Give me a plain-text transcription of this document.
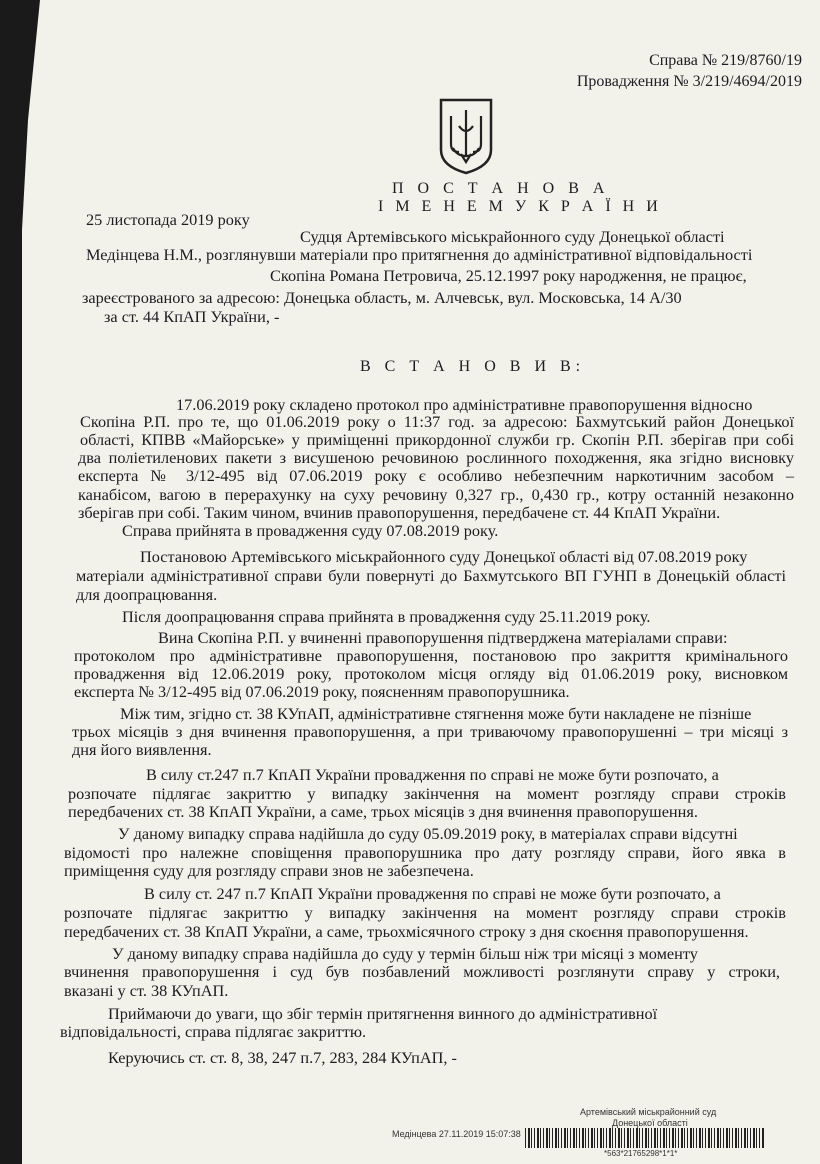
Справа № 219/8760/19
Провадження № 3/219/4694/2019
П О С Т А Н О В А
І М Е Н Е М У К Р А Ї Н И
25 листопада 2019 року
Судця Артемівського міськрайонного суду Донецької області
Медінцева Н.М., розглянувши матеріали про притягнення до адміністративної відповідальності
Скопіна Романа Петровича, 25.12.1997 року народження, не працює,
зареєстрованого за адресою: Донецька область, м. Алчевськ, вул. Московська, 14 А/30
за ст. 44 КпАП України, -
В С Т А Н О В И В:
17.06.2019 року складено протокол про адміністративне правопорушення відносно
Скопіна Р.П. про те, що 01.06.2019 року о 11:37 год. за адресою: Бахмутський район Донецької
області, КПВВ «Майорське» у приміщенні прикордонної служби гр. Скопін Р.П. зберігав при собі
два поліетиленових пакети з висушеною речовиною рослинного походження, яка згідно висновку
експерта № 3/12-495 від 07.06.2019 року є особливо небезпечним наркотичним засобом –
канабісом, вагою в перерахунку на суху речовину 0,327 гр., 0,430 гр., котру останній незаконно
зберігав при собі. Таким чином, вчинив правопорушення, передбачене ст. 44 КпАП України.
Справа прийнята в провадження суду 07.08.2019 року.
Постановою Артемівського міськрайонного суду Донецької області від 07.08.2019 року
матеріали адміністративної справи були повернуті до Бахмутського ВП ГУНП в Донецькій області
для доопрацювання.
Після доопрацювання справа прийнята в провадження суду 25.11.2019 року.
Вина Скопіна Р.П. у вчиненні правопорушення підтверджена матеріалами справи:
протоколом про адміністративне правопорушення, постановою про закриття кримінального
провадження від 12.06.2019 року, протоколом місця огляду від 01.06.2019 року, висновком
експерта № 3/12-495 від 07.06.2019 року, поясненням правопорушника.
Між тим, згідно ст. 38 КУпАП, адміністративне стягнення може бути накладене не пізніше
трьох місяців з дня вчинення правопорушення, а при триваючому правопорушенні – три місяці з
дня його виявлення.
В силу ст.247 п.7 КпАП України провадження по справі не може бути розпочато, а
розпочате підлягає закриттю у випадку закінчення на момент розгляду справи строків
передбачених ст. 38 КпАП України, а саме, трьох місяців з дня вчинення правопорушення.
У даному випадку справа надійшла до суду 05.09.2019 року, в матеріалах справи відсутні
відомості про належне сповіщення правопорушника про дату розгляду справи, його явка в
приміщення суду для розгляду справи знов не забезпечена.
В силу ст. 247 п.7 КпАП України провадження по справі не може бути розпочато, а
розпочате підлягає закриттю у випадку закінчення на момент розгляду справи строків
передбачених ст. 38 КпАП України, а саме, трьохмісячного строку з дня скоєння правопорушення.
У даному випадку справа надійшла до суду у термін більш ніж три місяці з моменту
вчинення правопорушення і суд був позбавлений можливості розглянути справу у строки,
вказані у ст. 38 КУпАП.
Приймаючи до уваги, що збіг термін притягнення винного до адміністративної
відповідальності, справа підлягає закриттю.
Керуючись ст. ст. 8, 38, 247 п.7, 283, 284 КУпАП, -
Артемівський міськрайонний суд
Донецької області
Медінцева 27.11.2019 15:07:38
*563*21765298*1*1*
